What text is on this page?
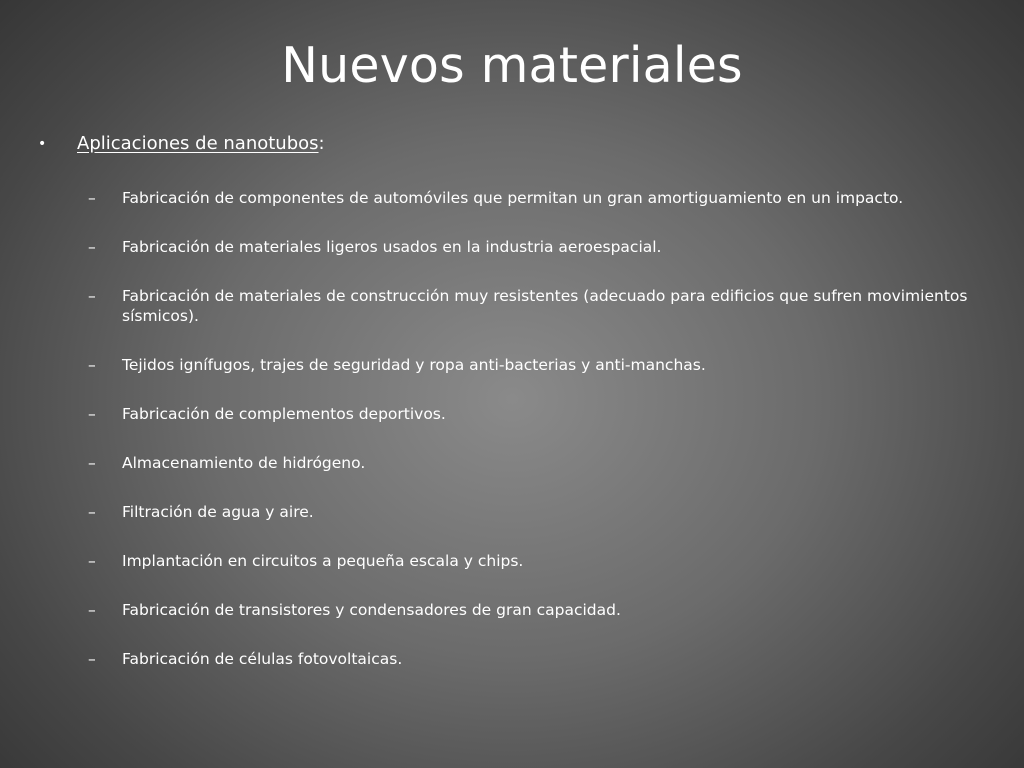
Nuevos materiales
•	Aplicaciones de nanotubos:
–	Fabricación de componentes de automóviles que permitan un gran amortiguamiento en un impacto.
–	Fabricación de materiales ligeros usados en la industria aeroespacial.
–	Fabricación de materiales de construcción muy resistentes (adecuado para edificios que sufren movimientos sísmicos).
–	Tejidos ignífugos, trajes de seguridad y ropa anti-bacterias y anti-manchas.
–	Fabricación de complementos deportivos.
–	Almacenamiento de hidrógeno.
–	Filtración de agua y aire.
–	Implantación en circuitos a pequeña escala y chips.
–	Fabricación de transistores y condensadores de gran capacidad.
–	Fabricación de células fotovoltaicas.
